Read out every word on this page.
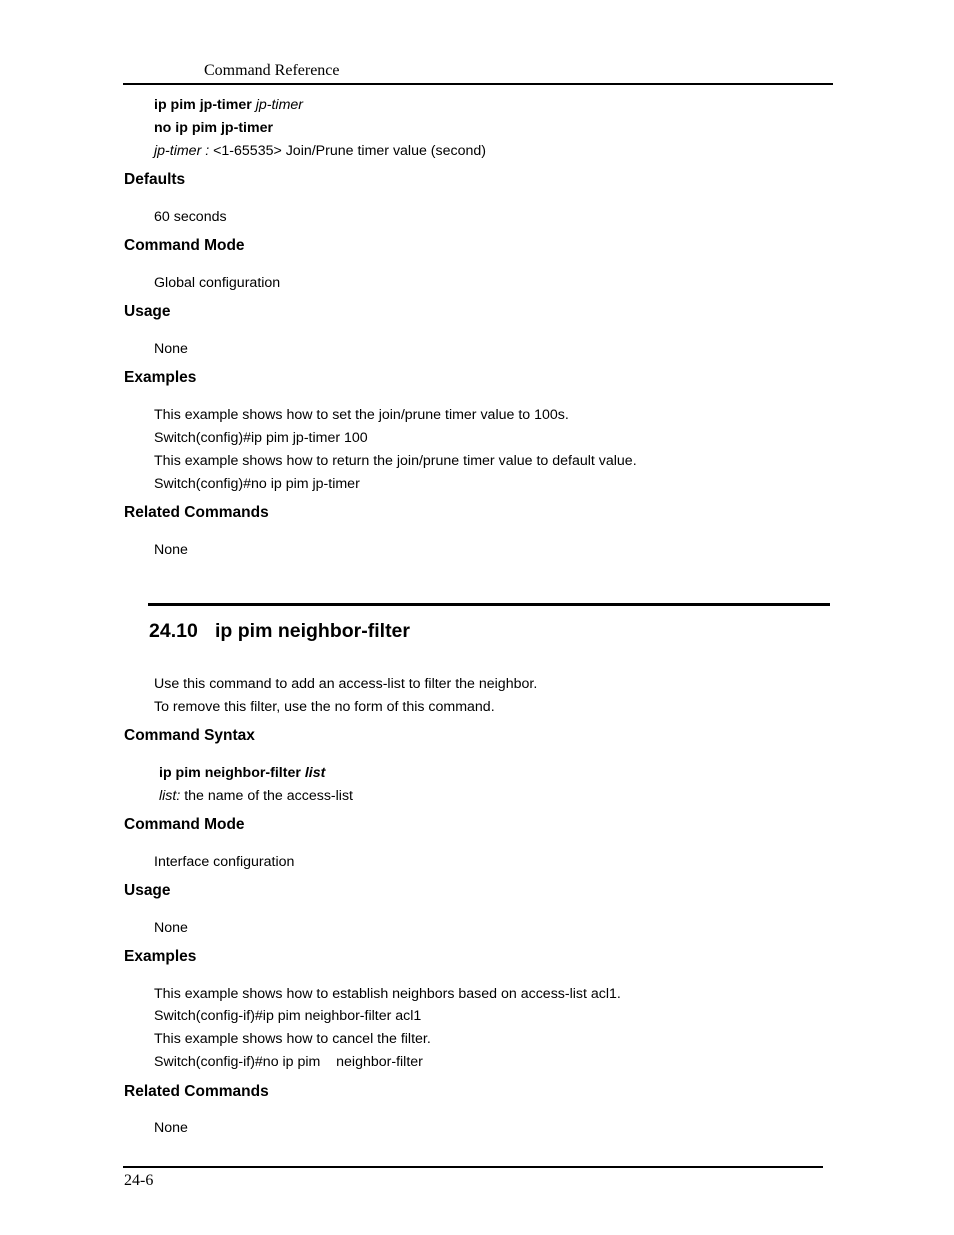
Command Reference
ip pim jp-timer jp-timer
no ip pim jp-timer
jp-timer : <1-65535> Join/Prune timer value (second)
Defaults
60 seconds
Command Mode
Global configuration
Usage
None
Examples
This example shows how to set the join/prune timer value to 100s.
Switch(config)#ip pim jp-timer 100
This example shows how to return the join/prune timer value to default value.
Switch(config)#no ip pim jp-timer
Related Commands
None
24.10 ip pim neighbor-filter
Use this command to add an access-list to filter the neighbor.
To remove this filter, use the no form of this command.
Command Syntax
ip pim neighbor-filter list
list: the name of the access-list
Command Mode
Interface configuration
Usage
None
Examples
This example shows how to establish neighbors based on access-list acl1.
Switch(config-if)#ip pim neighbor-filter acl1
This example shows how to cancel the filter.
Switch(config-if)#no ip pim    neighbor-filter
Related Commands
None
24-6
